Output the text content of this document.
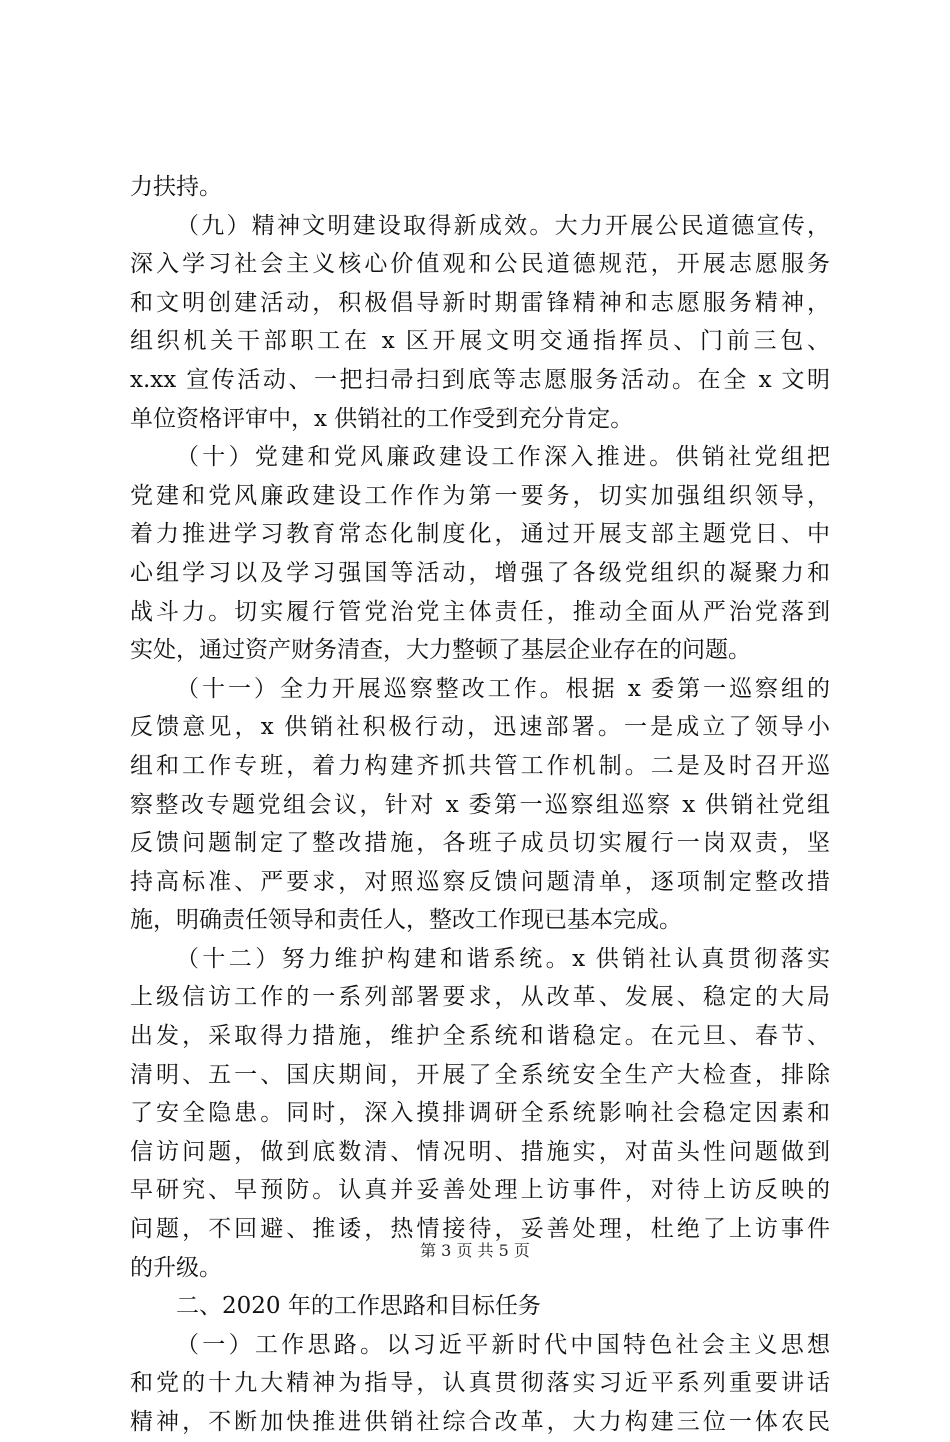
力扶持。
（九）精神文明建设取得新成效。大力开展公民道德宣传，
深入学习社会主义核心价值观和公民道德规范，开展志愿服务
和文明创建活动，积极倡导新时期雷锋精神和志愿服务精神，
组织机关干部职工在 x 区开展文明交通指挥员、门前三包、
x.xx 宣传活动、一把扫帚扫到底等志愿服务活动。在全 x 文明
单位资格评审中，x 供销社的工作受到充分肯定。
（十）党建和党风廉政建设工作深入推进。供销社党组把
党建和党风廉政建设工作作为第一要务，切实加强组织领导，
着力推进学习教育常态化制度化，通过开展支部主题党日、中
心组学习以及学习强国等活动，增强了各级党组织的凝聚力和
战斗力。切实履行管党治党主体责任，推动全面从严治党落到
实处，通过资产财务清查，大力整顿了基层企业存在的问题。
（十一）全力开展巡察整改工作。根据 x 委第一巡察组的
反馈意见，x 供销社积极行动，迅速部署。一是成立了领导小
组和工作专班，着力构建齐抓共管工作机制。二是及时召开巡
察整改专题党组会议，针对 x 委第一巡察组巡察 x 供销社党组
反馈问题制定了整改措施，各班子成员切实履行一岗双责，坚
持高标准、严要求，对照巡察反馈问题清单，逐项制定整改措
施，明确责任领导和责任人，整改工作现已基本完成。
（十二）努力维护构建和谐系统。x 供销社认真贯彻落实
上级信访工作的一系列部署要求，从改革、发展、稳定的大局
出发，采取得力措施，维护全系统和谐稳定。在元旦、春节、
清明、五一、国庆期间，开展了全系统安全生产大检查，排除
了安全隐患。同时，深入摸排调研全系统影响社会稳定因素和
信访问题，做到底数清、情况明、措施实，对苗头性问题做到
早研究、早预防。认真并妥善处理上访事件，对待上访反映的
问题，不回避、推诿，热情接待，妥善处理，杜绝了上访事件
的升级。
二、2020 年的工作思路和目标任务
（一）工作思路。以习近平新时代中国特色社会主义思想
和党的十九大精神为指导，认真贯彻落实习近平系列重要讲话
精神，不断加快推进供销社综合改革，大力构建三位一体农民
第 3 页 共 5 页
